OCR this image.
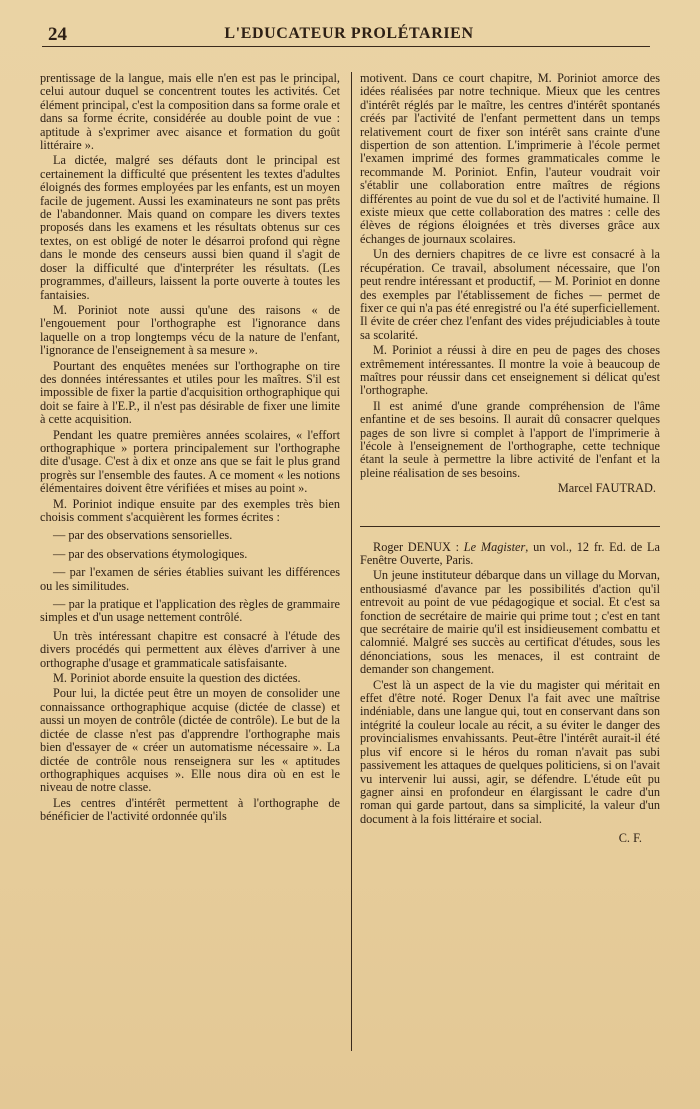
24	L'EDUCATEUR PROLÉTARIEN

prentissage de la langue, mais elle n'en est pas le principal, celui autour duquel se concentrent toutes les activités. Cet élément principal, c'est la composition dans sa forme orale et dans sa forme écrite, considérée au double point de vue : aptitude à s'exprimer avec aisance et formation du goût littéraire ».

La dictée, malgré ses défauts dont le principal est certainement la difficulté que présentent les textes d'adultes éloignés des formes employées par les enfants, est un moyen facile de jugement. Aussi les examinateurs ne sont pas prêts de l'abandonner. Mais quand on compare les divers textes proposés dans les examens et les résultats obtenus sur ces textes, on est obligé de noter le désarroi profond qui règne dans le monde des censeurs aussi bien quand il s'agit de doser la difficulté que d'interpréter les résultats. (Les programmes, d'ailleurs, laissent la porte ouverte à toutes les fantaisies.

M. Poriniot note aussi qu'une des raisons « de l'engouement pour l'orthographe est l'ignorance dans laquelle on a trop longtemps vécu de la nature de l'enfant, l'ignorance de l'enseignement à sa mesure ».

Pourtant des enquêtes menées sur l'orthographe on tire des données intéressantes et utiles pour les maîtres. S'il est impossible de fixer la partie d'acquisition orthographique qui doit se faire à l'E.P., il n'est pas désirable de fixer une limite à cette acquisition.

Pendant les quatre premières années scolaires, « l'effort orthographique » portera principalement sur l'orthographe dite d'usage. C'est à dix et onze ans que se fait le plus grand progrès sur l'ensemble des fautes. A ce moment « les notions élémentaires doivent être vérifiées et mises au point ».

M. Poriniot indique ensuite par des exemples très bien choisis comment s'acquièrent les formes écrites :

— par des observations sensorielles.

— par des observations étymologiques.

— par l'examen de séries établies suivant les différences ou les similitudes.

— par la pratique et l'application des règles de grammaire simples et d'un usage nettement contrôlé.

Un très intéressant chapitre est consacré à l'étude des divers procédés qui permettent aux élèves d'arriver à une orthographe d'usage et grammaticale satisfaisante.

M. Poriniot aborde ensuite la question des dictées.

Pour lui, la dictée peut être un moyen de consolider une connaissance orthographique acquise (dictée de classe) et aussi un moyen de contrôle (dictée de contrôle). Le but de la dictée de classe n'est pas d'apprendre l'orthographe mais bien d'essayer de « créer un automatisme nécessaire ». La dictée de contrôle nous renseignera sur les « aptitudes orthographiques acquises ». Elle nous dira où en est le niveau de notre classe.

Les centres d'intérêt permettent à l'orthographe de bénéficier de l'activité ordonnée qu'ils

motivent. Dans ce court chapitre, M. Poriniot amorce des idées réalisées par notre technique. Mieux que les centres d'intérêt réglés par le maître, les centres d'intérêt spontanés créés par l'activité de l'enfant permettent dans un temps relativement court de fixer son intérêt sans crainte d'une dispertion de son attention. L'imprimerie à l'école permet l'examen imprimé des formes grammaticales comme le recommande M. Poriniot. Enfin, l'auteur voudrait voir s'établir une collaboration entre maîtres de régions différentes au point de vue du sol et de l'activité humaine. Il existe mieux que cette collaboration des matres : celle des élèves de régions éloignées et très diverses grâce aux échanges de journaux scolaires.

Un des derniers chapitres de ce livre est consacré à la récupération. Ce travail, absolument nécessaire, que l'on peut rendre intéressant et productif, — M. Poriniot en donne des exemples par l'établissement de fiches — permet de fixer ce qui n'a pas été enregistré ou l'a été superficiellement. Il évite de créer chez l'enfant des vides préjudiciables à toute sa scolarité.

M. Poriniot a réussi à dire en peu de pages des choses extrêmement intéressantes. Il montre la voie à beaucoup de maîtres pour réussir dans cet enseignement si délicat qu'est l'orthographe.

Il est animé d'une grande compréhension de l'âme enfantine et de ses besoins. Il aurait dû consacrer quelques pages de son livre si complet à l'apport de l'imprimerie à l'école à l'enseignement de l'orthographe, cette technique étant la seule à permettre la libre activité de l'enfant et la pleine réalisation de ses besoins.

Marcel FAUTRAD.

Roger DENUX : Le Magister, un vol., 12 fr. Ed. de La Fenêtre Ouverte, Paris.

Un jeune instituteur débarque dans un village du Morvan, enthousiasmé d'avance par les possibilités d'action qu'il entrevoit au point de vue pédagogique et social. Et c'est sa fonction de secrétaire de mairie qui prime tout ; c'est en tant que secrétaire de mairie qu'il est insidieusement combattu et calomnié. Malgré ses succès au certificat d'études, sous les dénonciations, sous les menaces, il est contraint de demander son changement.

C'est là un aspect de la vie du magister qui méritait en effet d'être noté. Roger Denux l'a fait avec une maîtrise indéniable, dans une langue qui, tout en conservant dans son intégrité la couleur locale au récit, a su éviter le danger des provincialismes envahissants. Peut-être l'intérêt aurait-il été plus vif encore si le héros du roman n'avait pas subi passivement les attaques de quelques politiciens, si on l'avait vu intervenir lui aussi, agir, se défendre. L'étude eût pu gagner ainsi en profondeur en élargissant le cadre d'un roman qui garde partout, dans sa simplicité, la valeur d'un document à la fois littéraire et social.

C. F.
